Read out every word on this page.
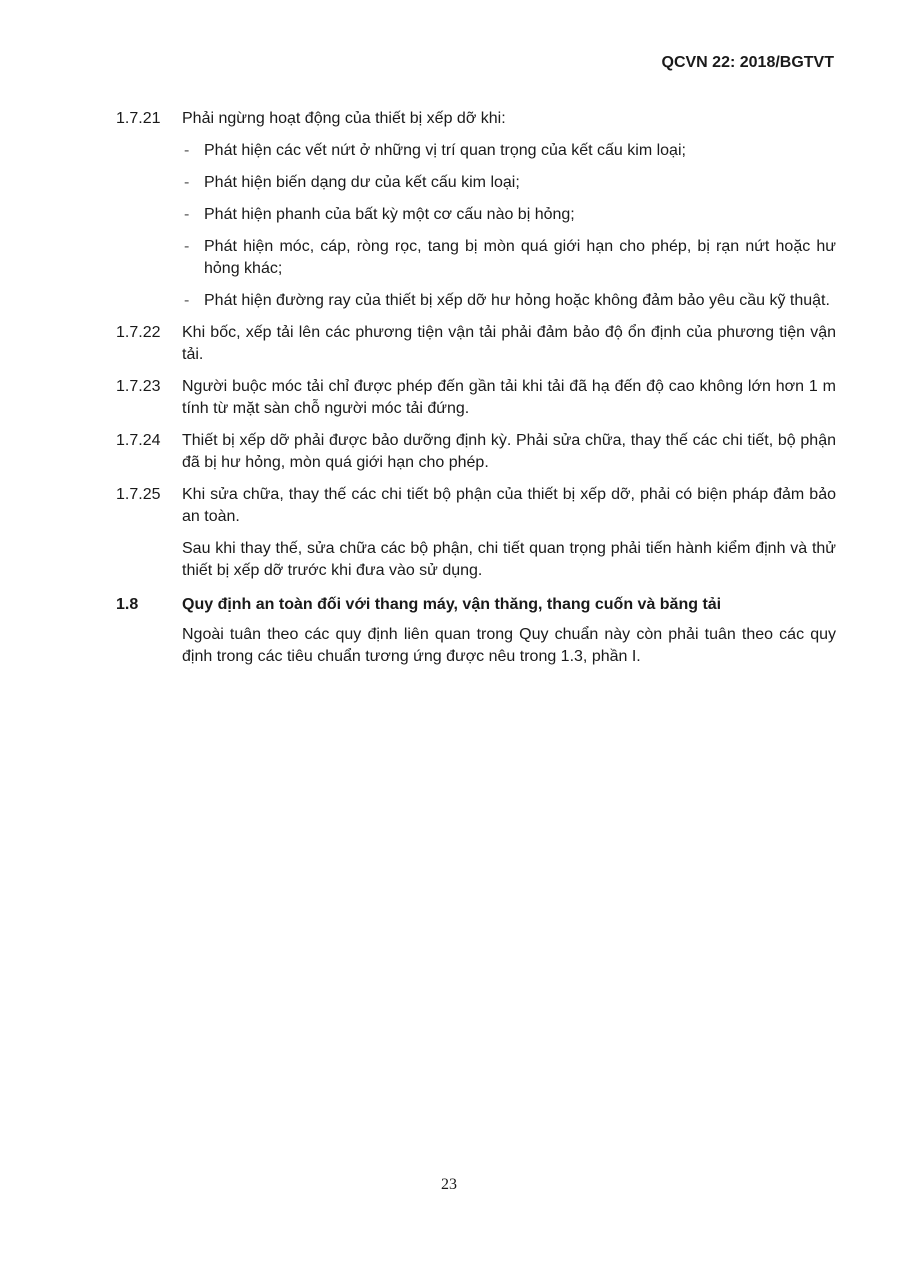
QCVN 22: 2018/BGTVT
1.7.21	Phải ngừng hoạt động của thiết bị xếp dỡ khi:

- Phát hiện các vết nứt ở những vị trí quan trọng của kết cấu kim loại;
- Phát hiện biến dạng dư của kết cấu kim loại;
- Phát hiện phanh của bất kỳ một cơ cấu nào bị hỏng;
- Phát hiện móc, cáp, ròng rọc, tang bị mòn quá giới hạn cho phép, bị rạn nứt hoặc hư hỏng khác;
- Phát hiện đường ray của thiết bị xếp dỡ hư hỏng hoặc không đảm bảo yêu cầu kỹ thuật.
1.7.22	Khi bốc, xếp tải lên các phương tiện vận tải phải đảm bảo độ ổn định của phương tiện vận tải.
1.7.23	Người buộc móc tải chỉ được phép đến gần tải khi tải đã hạ đến độ cao không lớn hơn 1 m tính từ mặt sàn chỗ người móc tải đứng.
1.7.24	Thiết bị xếp dỡ phải được bảo dưỡng định kỳ. Phải sửa chữa, thay thế các chi tiết, bộ phận đã bị hư hỏng, mòn quá giới hạn cho phép.
1.7.25	Khi sửa chữa, thay thế các chi tiết bộ phận của thiết bị xếp dỡ, phải có biện pháp đảm bảo an toàn.

Sau khi thay thế, sửa chữa các bộ phận, chi tiết quan trọng phải tiến hành kiểm định và thử thiết bị xếp dỡ trước khi đưa vào sử dụng.

1.8	Quy định an toàn đối với thang máy, vận thăng, thang cuốn và băng tải
Ngoài tuân theo các quy định liên quan trong Quy chuẩn này còn phải tuân theo các quy định trong các tiêu chuẩn tương ứng được nêu trong 1.3, phần I.
23
